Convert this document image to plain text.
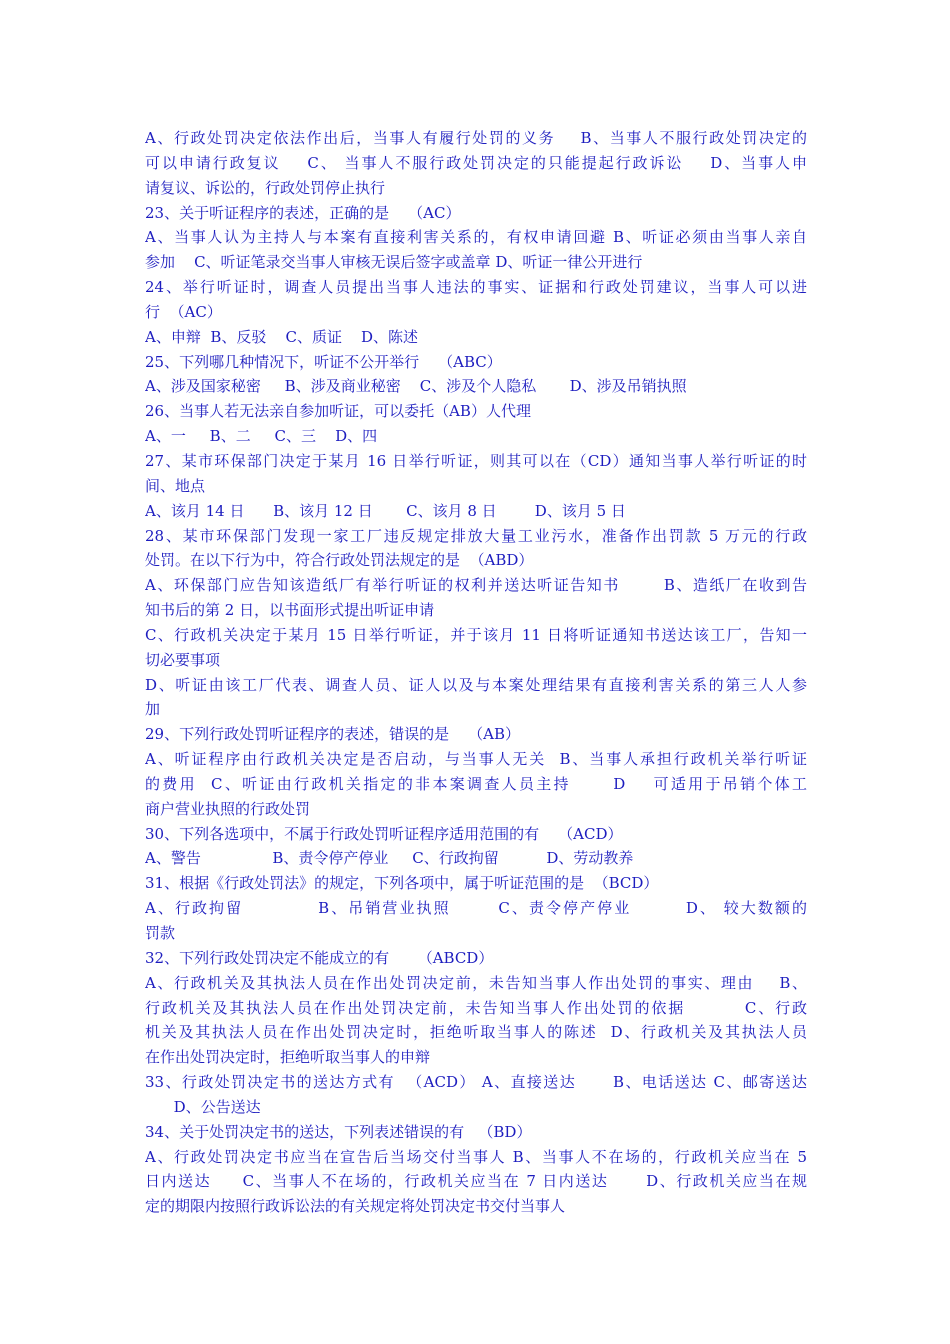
A、行政处罚决定依法作出后，当事人有履行处罚的义务    B、当事人不服行政处罚决定的
可以申请行政复议    C、 当事人不服行政处罚决定的只能提起行政诉讼    D、当事人申
请复议、诉讼的，行政处罚停止执行
23、关于听证程序的表述，正确的是    （AC）
A、当事人认为主持人与本案有直接利害关系的，有权申请回避 B、听证必须由当事人亲自
参加    C、听证笔录交当事人审核无误后签字或盖章 D、听证一律公开进行
24、举行听证时，调查人员提出当事人违法的事实、证据和行政处罚建议，当事人可以进
行  （AC）
A、申辩  B、反驳    C、质证    D、陈述
25、下列哪几种情况下，听证不公开举行    （ABC）
A、涉及国家秘密     B、涉及商业秘密    C、涉及个人隐私       D、涉及吊销执照
26、当事人若无法亲自参加听证，可以委托（AB）人代理
A、一     B、二     C、三    D、四
27、某市环保部门决定于某月 16 日举行听证，则其可以在（CD）通知当事人举行听证的时
间、地点
A、该月 14 日      B、该月 12 日       C、该月 8 日        D、该月 5 日
28、某市环保部门发现一家工厂违反规定排放大量工业污水，准备作出罚款 5 万元的行政
处罚。在以下行为中，符合行政处罚法规定的是  （ABD）
A、环保部门应告知该造纸厂有举行听证的权利并送达听证告知书       B、造纸厂在收到告
知书后的第 2 日，以书面形式提出听证申请
C、行政机关决定于某月 15 日举行听证，并于该月 11 日将听证通知书送达该工厂，告知一
切必要事项
D、听证由该工厂代表、调查人员、证人以及与本案处理结果有直接利害关系的第三人人参
加
29、下列行政处罚听证程序的表述，错误的是    （AB）
A、听证程序由行政机关决定是否启动，与当事人无关  B、当事人承担行政机关举行听证
的费用  C、听证由行政机关指定的非本案调查人员主持      D    可适用于吊销个体工
商户营业执照的行政处罚
30、下列各选项中，不属于行政处罚听证程序适用范围的有    （ACD）
A、警告               B、责令停产停业     C、行政拘留          D、劳动教养
31、根据《行政处罚法》的规定，下列各项中，属于听证范围的是  （BCD）
A、行政拘留           B、吊销营业执照       C、责令停产停业        D、 较大数额的
罚款
32、下列行政处罚决定不能成立的有      （ABCD）
A、行政机关及其执法人员在作出处罚决定前，未告知当事人作出处罚的事实、理由    B、
行政机关及其执法人员在作出处罚决定前，未告知当事人作出处罚的依据         C、行政
机关及其执法人员在作出处罚决定时，拒绝听取当事人的陈述  D、行政机关及其执法人员
在作出处罚决定时，拒绝听取当事人的申辩
33、行政处罚决定书的送达方式有  （ACD） A、直接送达      B、电话送达 C、邮寄送达
D、公告送达
34、关于处罚决定书的送达，下列表述错误的有   （BD）
A、行政处罚决定书应当在宣告后当场交付当事人 B、当事人不在场的，行政机关应当在 5
日内送达     C、当事人不在场的，行政机关应当在 7 日内送达      D、行政机关应当在规
定的期限内按照行政诉讼法的有关规定将处罚决定书交付当事人
